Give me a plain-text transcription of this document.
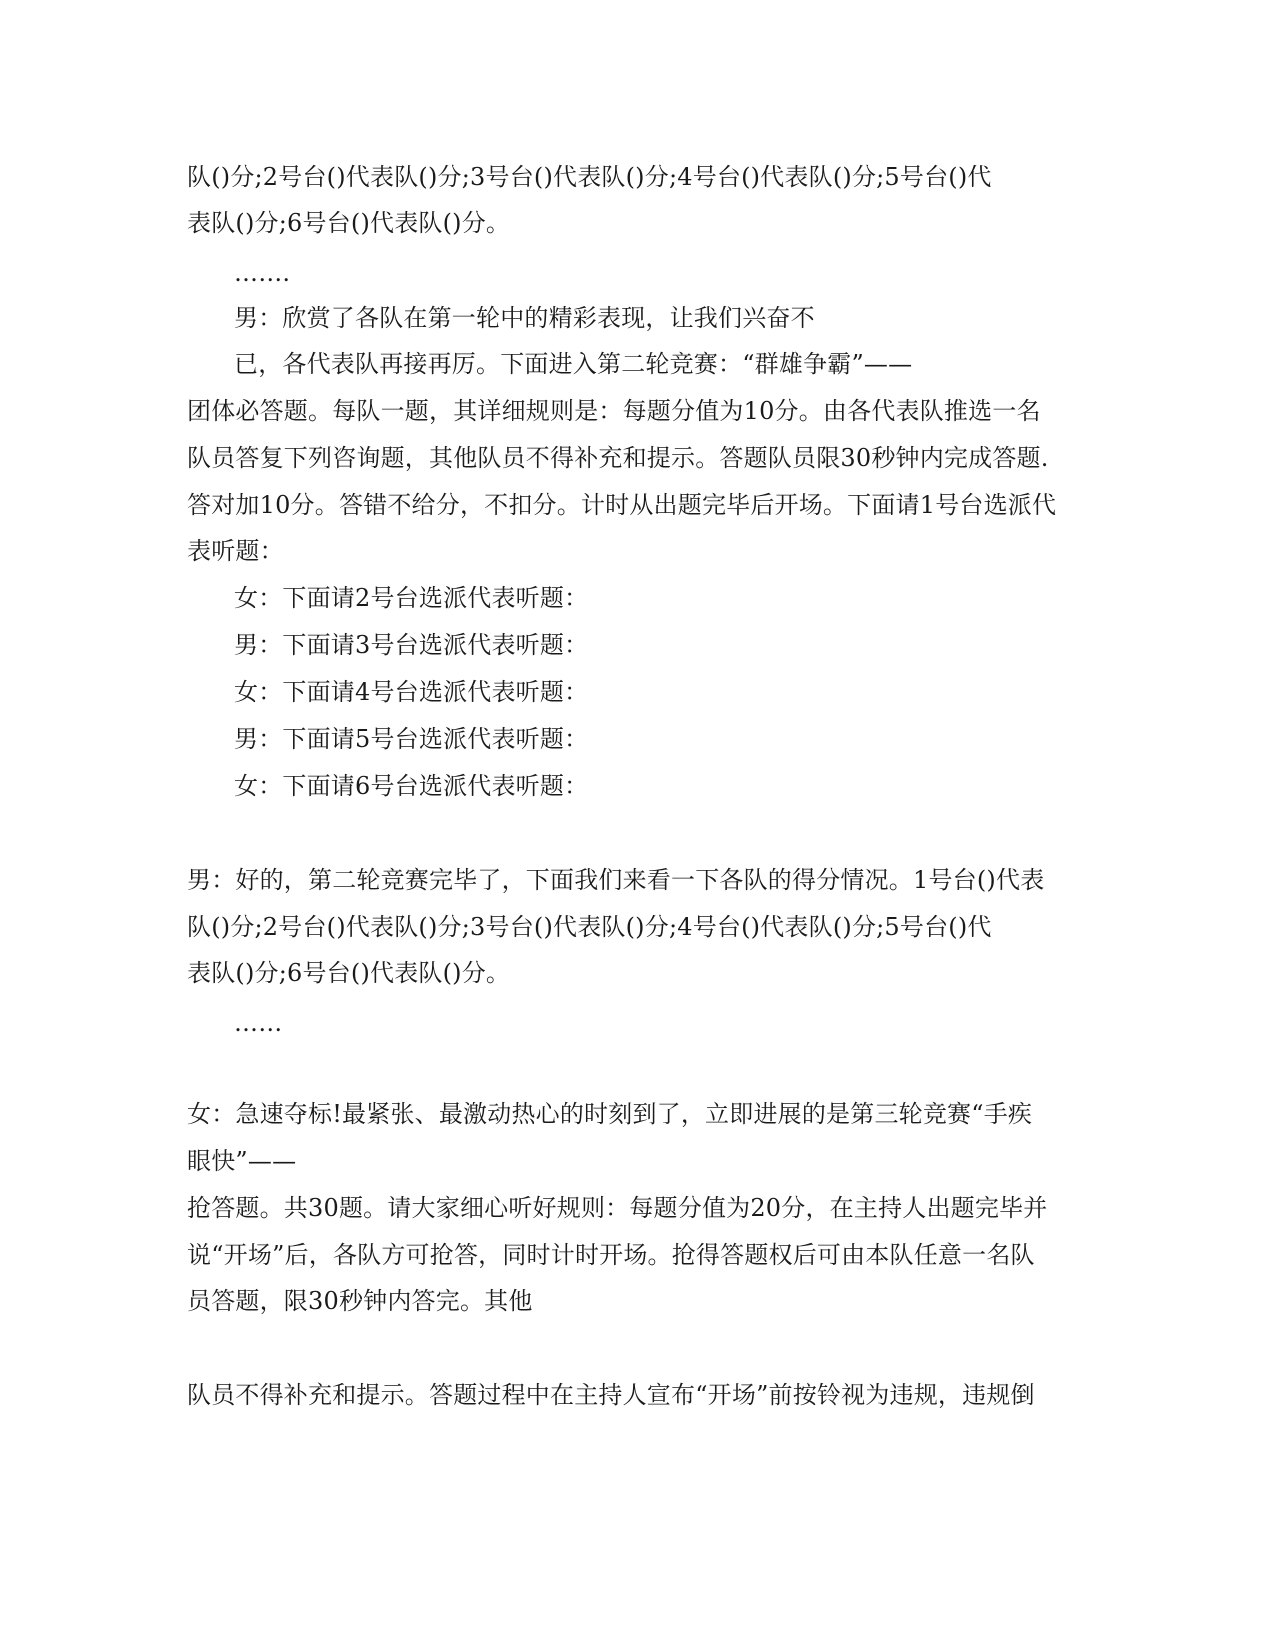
队()分;2号台()代表队()分;3号台()代表队()分;4号台()代表队()分;5号台()代
表队()分;6号台()代表队()分。
…….
男：欣赏了各队在第一轮中的精彩表现，让我们兴奋不
已，各代表队再接再厉。下面进入第二轮竞赛：“群雄争霸”——
团体必答题。每队一题，其详细规则是：每题分值为10分。由各代表队推选一名
队员答复下列咨询题，其他队员不得补充和提示。答题队员限30秒钟内完成答题.
答对加10分。答错不给分，不扣分。计时从出题完毕后开场。下面请1号台选派代
表听题：
女：下面请2号台选派代表听题：
男：下面请3号台选派代表听题：
女：下面请4号台选派代表听题：
男：下面请5号台选派代表听题：
女：下面请6号台选派代表听题：
男：好的，第二轮竞赛完毕了，下面我们来看一下各队的得分情况。1号台()代表
队()分;2号台()代表队()分;3号台()代表队()分;4号台()代表队()分;5号台()代
表队()分;6号台()代表队()分。
……
女：急速夺标!最紧张、最激动热心的时刻到了，立即进展的是第三轮竞赛“手疾
眼快”——
抢答题。共30题。请大家细心听好规则：每题分值为20分，在主持人出题完毕并
说“开场”后，各队方可抢答，同时计时开场。抢得答题权后可由本队任意一名队
员答题，限30秒钟内答完。其他
队员不得补充和提示。答题过程中在主持人宣布“开场”前按铃视为违规，违规倒
